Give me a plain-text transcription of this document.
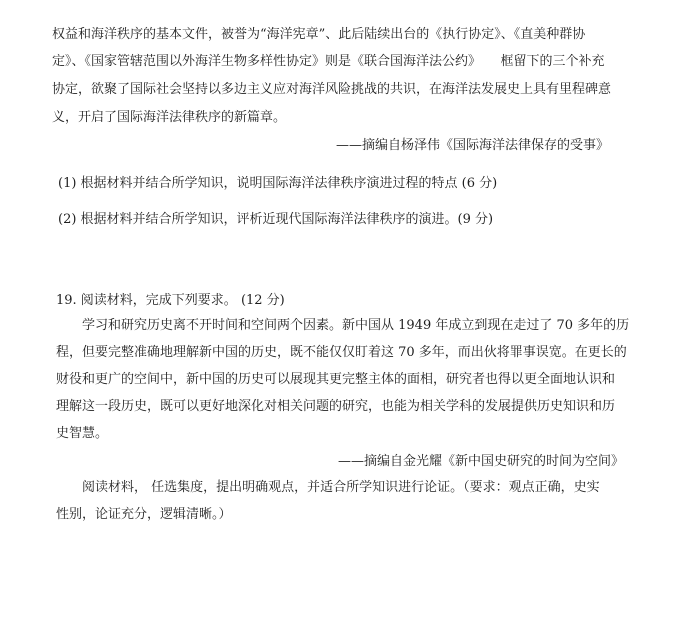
权益和海洋秩序的基本文件，被誉为“海洋宪章”、此后陆续出台的《执行协定》、《直美种群协
定》、《国家管辖范围以外海洋生物多样性协定》则是《联合国海洋法公约》　　框留下的三个补充
协定，欲聚了国际社会坚持以多边主义应对海洋风险挑战的共识，在海洋法发展史上具有里程碑意
义，开启了国际海洋法律秩序的新篇章。
——摘编自杨泽伟《国际海洋法律保存的受事》
(1) 根据材料并结合所学知识，说明国际海洋法律秩序演进过程的特点 (6 分)
(2) 根据材料并结合所学知识，评析近现代国际海洋法律秩序的演进。(9 分)
19. 阅读材料，完成下列要求。 (12 分)
学习和研究历史离不开时间和空间两个因素。新中国从 1949 年成立到现在走过了 70 多年的历
程，但要完整准确地理解新中国的历史，既不能仅仅盯着这 70 多年，而出伙将罪事误宽。在更长的
财役和更广的空间中，新中国的历史可以展现其更完整主体的面相，研究者也得以更全面地认识和
理解这一段历史，既可以更好地深化对相关问题的研究，也能为相关学科的发展提供历史知识和历
史智慧。
——摘编自金光耀《新中国史研究的时间为空间》
阅读材料， 任选集度，提出明确观点，并适合所学知识进行论证。（要求：观点正确，史实
性别，论证充分，逻辑清晰。）
